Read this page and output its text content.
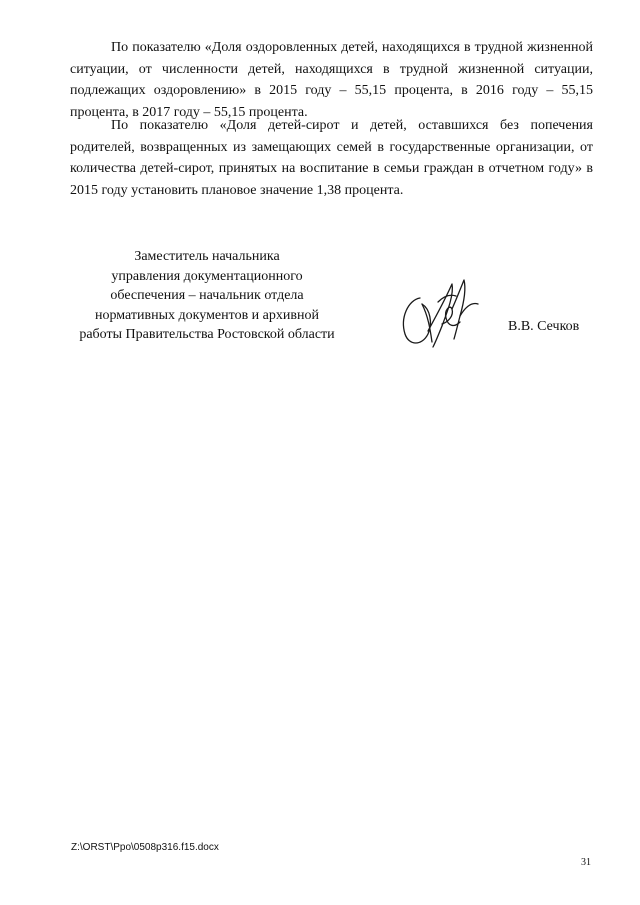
По показателю «Доля оздоровленных детей, находящихся в трудной жизненной ситуации, от численности детей, находящихся в трудной жизненной ситуации, подлежащих оздоровлению» в 2015 году – 55,15 процента, в 2016 году – 55,15 процента, в 2017 году – 55,15 процента.

По показателю «Доля детей-сирот и детей, оставшихся без попечения родителей, возвращенных из замещающих семей в государственные организации, от количества детей-сирот, принятых на воспитание в семьи граждан в отчетном году» в 2015 году установить плановое значение 1,38 процента.

Заместитель начальника
управления документационного
обеспечения – начальник отдела
нормативных документов и архивной
работы Правительства Ростовской области
В.В. Сечков
Z:\ORST\Ppo\0508p316.f15.docx
31
